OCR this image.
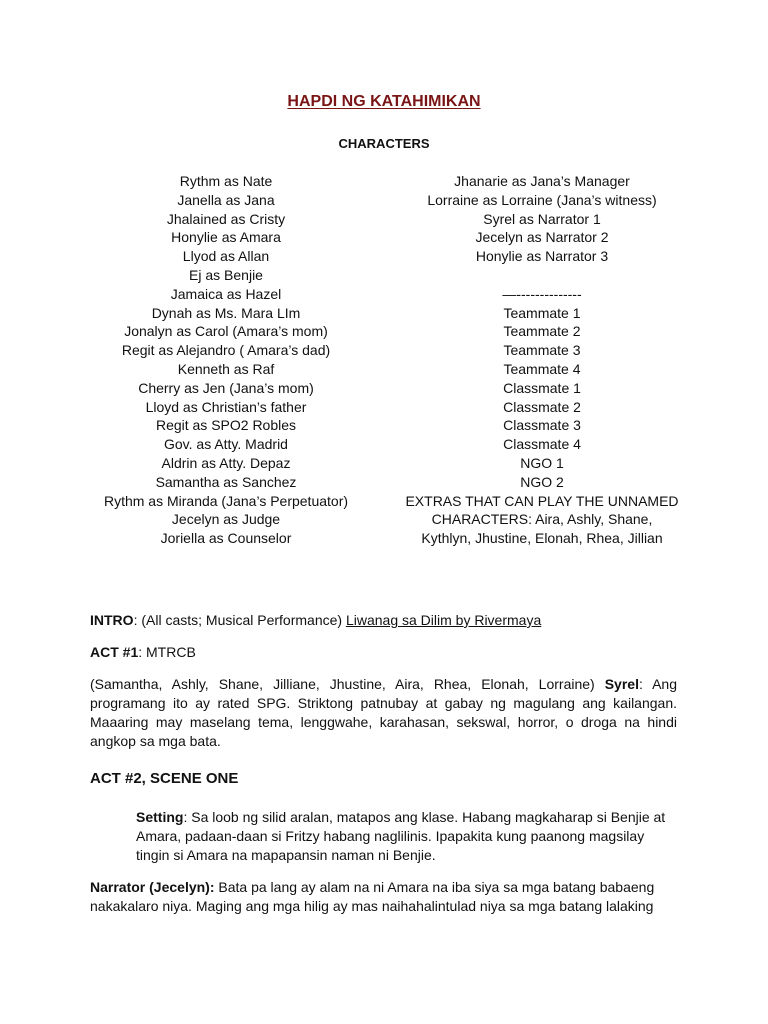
HAPDI NG KATAHIMIKAN
CHARACTERS
Rythm as Nate
Janella as Jana
Jhalained as Cristy
Honylie as Amara
Llyod as Allan
Ej as Benjie
Jamaica as Hazel
Dynah as Ms. Mara LIm
Jonalyn as Carol (Amara’s mom)
Regit as Alejandro ( Amara’s dad)
Kenneth as Raf
Cherry as Jen (Jana’s mom)
Lloyd as Christian’s father
Regit as SPO2 Robles
Gov. as Atty. Madrid
Aldrin as Atty. Depaz
Samantha as Sanchez
Rythm as Miranda (Jana’s Perpetuator)
Jecelyn as Judge
Joriella as Counselor
Jhanarie as Jana’s Manager
Lorraine as Lorraine (Jana’s witness)
Syrel as Narrator 1
Jecelyn as Narrator 2
Honylie as Narrator 3
—--------------
Teammate 1
Teammate 2
Teammate 3
Teammate 4
Classmate 1
Classmate 2
Classmate 3
Classmate 4
NGO 1
NGO 2
EXTRAS THAT CAN PLAY THE UNNAMED
CHARACTERS: Aira, Ashly, Shane,
Kythlyn, Jhustine, Elonah, Rhea, Jillian
INTRO: (All casts; Musical Performance) Liwanag sa Dilim by Rivermaya
ACT #1: MTRCB
(Samantha, Ashly, Shane, Jilliane, Jhustine, Aira, Rhea, Elonah, Lorraine) Syrel: Ang programang ito ay rated SPG. Striktong patnubay at gabay ng magulang ang kailangan. Maaaring may maselang tema, lenggwahe, karahasan, sekswal, horror, o droga na hindi angkop sa mga bata.
ACT #2, SCENE ONE
Setting: Sa loob ng silid aralan, matapos ang klase. Habang magkaharap si Benjie at Amara, padaan-daan si Fritzy habang naglilinis. Ipapakita kung paanong magsilay tingin si Amara na mapapansin naman ni Benjie.
Narrator (Jecelyn): Bata pa lang ay alam na ni Amara na iba siya sa mga batang babaeng nakakalaro niya. Maging ang mga hilig ay mas naihahalintulad niya sa mga batang lalaking
